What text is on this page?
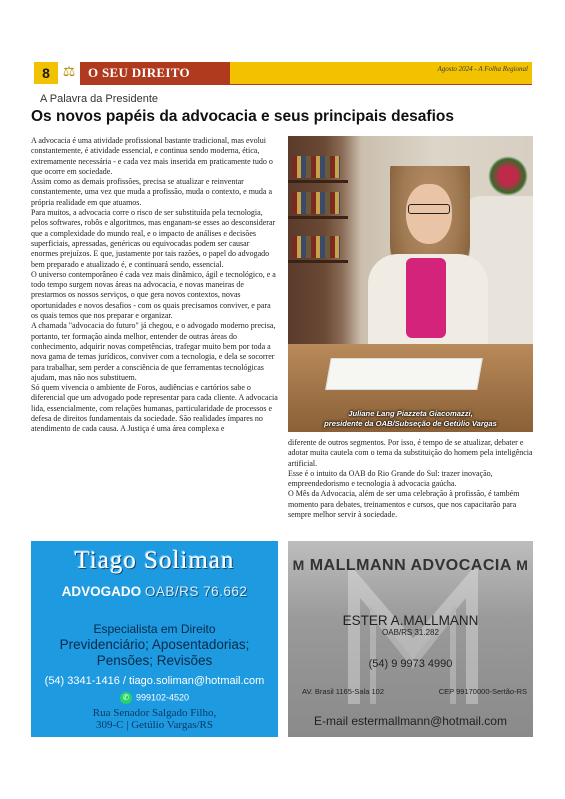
8 ⚖ O SEU DIREITO	Agosto 2024 - A Folha Regional
A Palavra da Presidente
Os novos papéis da advocacia e seus principais desafios

A advocacia é uma atividade profissional bastante tradicional, mas evolui constantemente, é atividade essencial, e continua sendo moderna, ética, extremamente necessária - e cada vez mais inserida em praticamente tudo o que ocorre em sociedade.

Assim como as demais profissões, precisa se atualizar e reinventar constantemente, uma vez que muda a profissão, muda o contexto, e muda a própria realidade em que atuamos.

Para muitos, a advocacia corre o risco de ser substituída pela tecnologia, pelos softwares, robôs e algoritmos, mas enganam-se esses ao desconsiderar que a complexidade do mundo real, e o impacto de análises e decisões superficiais, apressadas, genéricas ou equivocadas podem ser causar enormes prejuízos. E que, justamente por tais razões, o papel do advogado bem preparado e atualizado é, e continuará sendo, essencial.

O universo contemporâneo é cada vez mais dinâmico, ágil e tecnológico, e a todo tempo surgem novas áreas na advocacia, e novas maneiras de prestarmos os nossos serviços, o que gera novos contextos, novas oportunidades e novos desafios - com os quais precisamos conviver, e para os quais temos que nos preparar e organizar.

A chamada "advocacia do futuro" já chegou, e o advogado moderno precisa, portanto, ter formação ainda melhor, entender de outras áreas do conhecimento, adquirir novas competências, trafegar muito bem por toda a nova gama de temas jurídicos, conviver com a tecnologia, e dela se socorrer para trabalhar, sem perder a consciência de que ferramentas tecnológicas ajudam, mas não nos substituem.

Só quem vivencia o ambiente de Foros, audiências e cartórios sabe o diferencial que um advogado pode representar para cada cliente. A advocacia lida, essencialmente, com relações humanas, particularidade de processos e defesa de direitos fundamentais da sociedade. São realidades ímpares no atendimento de cada causa. A Justiça é uma área complexa e

Juliane Lang Piazzeta Giacomazzi,
presidente da OAB/Subseção de Getúlio Vargas

diferente de outros segmentos. Por isso, é tempo de se atualizar, debater e adotar muita cautela com o tema da substituição do homem pela inteligência artificial.

Esse é o intuito da OAB do Rio Grande do Sul: trazer inovação, empreendedorismo e tecnologia à advocacia gaúcha.

O Mês da Advocacia, além de ser uma celebração à profissão, é também momento para debates, treinamentos e cursos, que nos capacitarão para sempre melhor servir à sociedade.

Tiago Soliman
ADVOGADO OAB/RS 76.662
Especialista em Direito
Previdenciário; Aposentadorias;
Pensões; Revisões
(54) 3341-1416 / tiago.soliman@hotmail.com
✆ 999102-4520
Rua Senador Salgado Filho,
309-C | Getúlio Vargas/RS
M MALLMANN ADVOCACIA M
ESTER A.MALLMANN
OAB/RS 31.282
(54) 9 9973 4990
AV. Brasil 1165-Sala 102	CEP 99170000-Sertão-RS
E-mail estermallmann@hotmail.com
